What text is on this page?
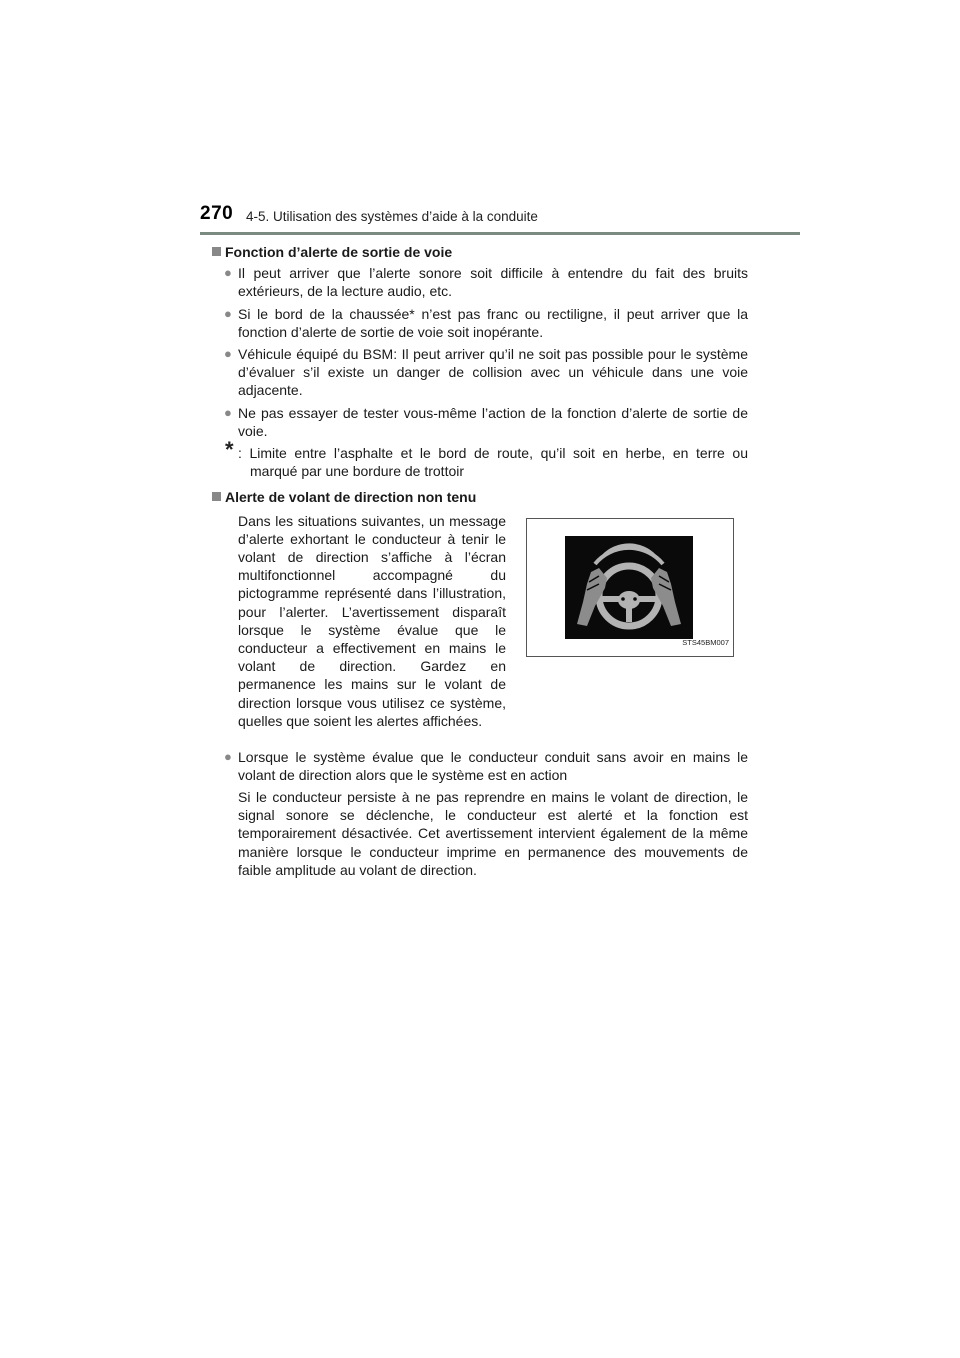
270 4-5. Utilisation des systèmes d’aide à la conduite
Fonction d’alerte de sortie de voie
● Il peut arriver que l’alerte sonore soit difficile à entendre du fait des bruits extérieurs, de la lecture audio, etc.
● Si le bord de la chaussée* n’est pas franc ou rectiligne, il peut arriver que la fonction d’alerte de sortie de voie soit inopérante.
● Véhicule équipé du BSM: Il peut arriver qu’il ne soit pas possible pour le système d’évaluer s’il existe un danger de collision avec un véhicule dans une voie adjacente.
● Ne pas essayer de tester vous-même l’action de la fonction d’alerte de sortie de voie.
* : Limite entre l’asphalte et le bord de route, qu’il soit en herbe, en terre ou
marqué par une bordure de trottoir
Alerte de volant de direction non tenu

Dans les situations suivantes, un message d’alerte exhortant le conducteur à tenir le volant de direction s’affiche à l’écran multifonctionnel accompagné du pictogramme représenté dans l’illustration, pour l’alerter. L’avertissement disparaît lorsque le système évalue que le conducteur a effectivement en mains le volant de direction. Gardez en permanence les mains sur le volant de direction lorsque vous utilisez ce système, quelles que soient les alertes affichées.

STS45BM007
● Lorsque le système évalue que le conducteur conduit sans avoir en mains le volant de direction alors que le système est en action

Si le conducteur persiste à ne pas reprendre en mains le volant de direction, le signal sonore se déclenche, le conducteur est alerté et la fonction est temporairement désactivée. Cet avertissement intervient également de la même manière lorsque le conducteur imprime en permanence des mouvements de faible amplitude au volant de direction.
